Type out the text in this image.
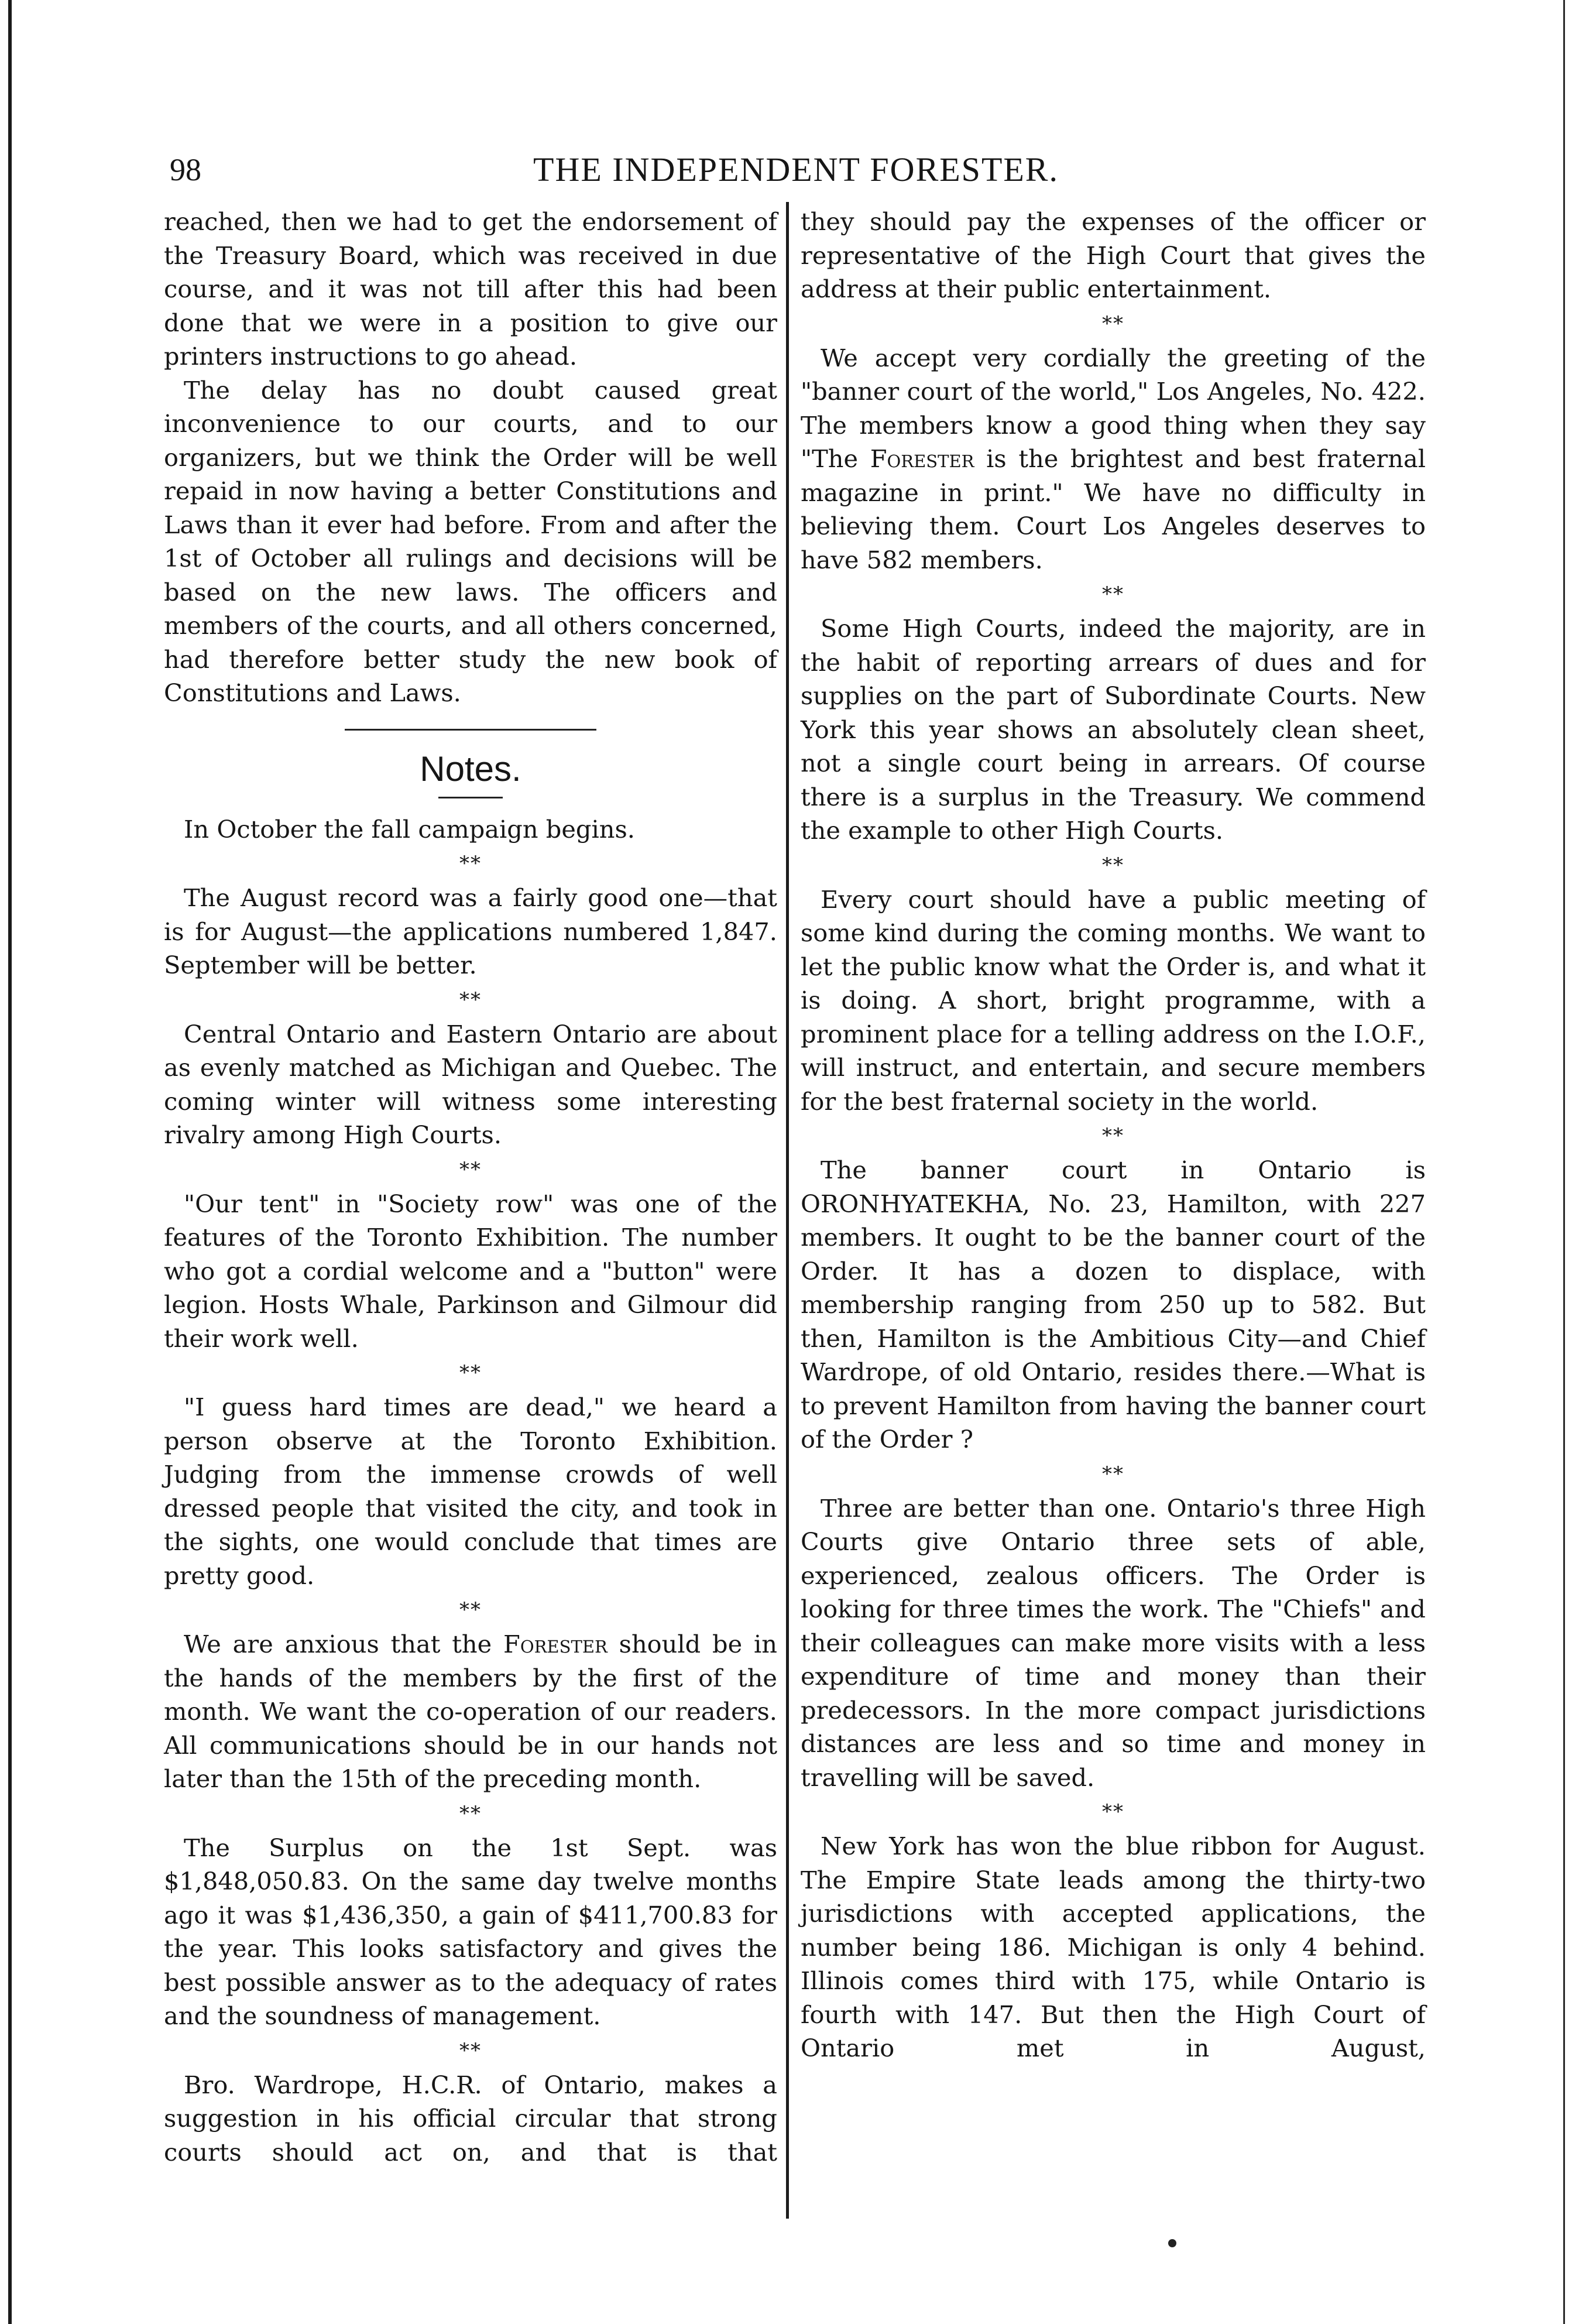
98	THE INDEPENDENT FORESTER.

reached, then we had to get the endorsement of the Treasury Board, which was received in due course, and it was not till after this had been done that we were in a position to give our printers instructions to go ahead.

The delay has no doubt caused great inconvenience to our courts, and to our organizers, but we think the Order will be well repaid in now having a better Constitutions and Laws than it ever had before. From and after the 1st of October all rulings and decisions will be based on the new laws. The officers and members of the courts, and all others concerned, had therefore better study the new book of Constitutions and Laws.

Notes.

In October the fall campaign begins.

**

The August record was a fairly good one—that is for August—the applications numbered 1,847. September will be better.

**

Central Ontario and Eastern Ontario are about as evenly matched as Michigan and Quebec. The coming winter will witness some interesting rivalry among High Courts.

**

"Our tent" in "Society row" was one of the features of the Toronto Exhibition. The number who got a cordial welcome and a "button" were legion. Hosts Whale, Parkinson and Gilmour did their work well.

**

"I guess hard times are dead," we heard a person observe at the Toronto Exhibition. Judging from the immense crowds of well dressed people that visited the city, and took in the sights, one would conclude that times are pretty good.

**

We are anxious that the Forester should be in the hands of the members by the first of the month. We want the co-operation of our readers. All communications should be in our hands not later than the 15th of the preceding month.

**

The Surplus on the 1st Sept. was $1,848,050.83. On the same day twelve months ago it was $1,436,350, a gain of $411,700.83 for the year. This looks satisfactory and gives the best possible answer as to the adequacy of rates and the soundness of management.

**

Bro. Wardrope, H.C.R. of Ontario, makes a suggestion in his official circular that strong courts should act on, and that is that

they should pay the expenses of the officer or representative of the High Court that gives the address at their public entertainment.

**

We accept very cordially the greeting of the "banner court of the world," Los Angeles, No. 422. The members know a good thing when they say "The Forester is the brightest and best fraternal magazine in print." We have no difficulty in believing them. Court Los Angeles deserves to have 582 members.

**

Some High Courts, indeed the majority, are in the habit of reporting arrears of dues and for supplies on the part of Subordinate Courts. New York this year shows an absolutely clean sheet, not a single court being in arrears. Of course there is a surplus in the Treasury. We commend the example to other High Courts.

**

Every court should have a public meeting of some kind during the coming months. We want to let the public know what the Order is, and what it is doing. A short, bright programme, with a prominent place for a telling address on the I.O.F., will instruct, and entertain, and secure members for the best fraternal society in the world.

**

The banner court in Ontario is ORONHYATEKHA, No. 23, Hamilton, with 227 members. It ought to be the banner court of the Order. It has a dozen to displace, with membership ranging from 250 up to 582. But then, Hamilton is the Ambitious City—and Chief Wardrope, of old Ontario, resides there.—What is to prevent Hamilton from having the banner court of the Order ?

**

Three are better than one. Ontario's three High Courts give Ontario three sets of able, experienced, zealous officers. The Order is looking for three times the work. The "Chiefs" and their colleagues can make more visits with a less expenditure of time and money than their predecessors. In the more compact jurisdictions distances are less and so time and money in travelling will be saved.

**

New York has won the blue ribbon for August. The Empire State leads among the thirty-two jurisdictions with accepted applications, the number being 186. Michigan is only 4 behind. Illinois comes third with 175, while Ontario is fourth with 147. But then the High Court of Ontario met in August,
